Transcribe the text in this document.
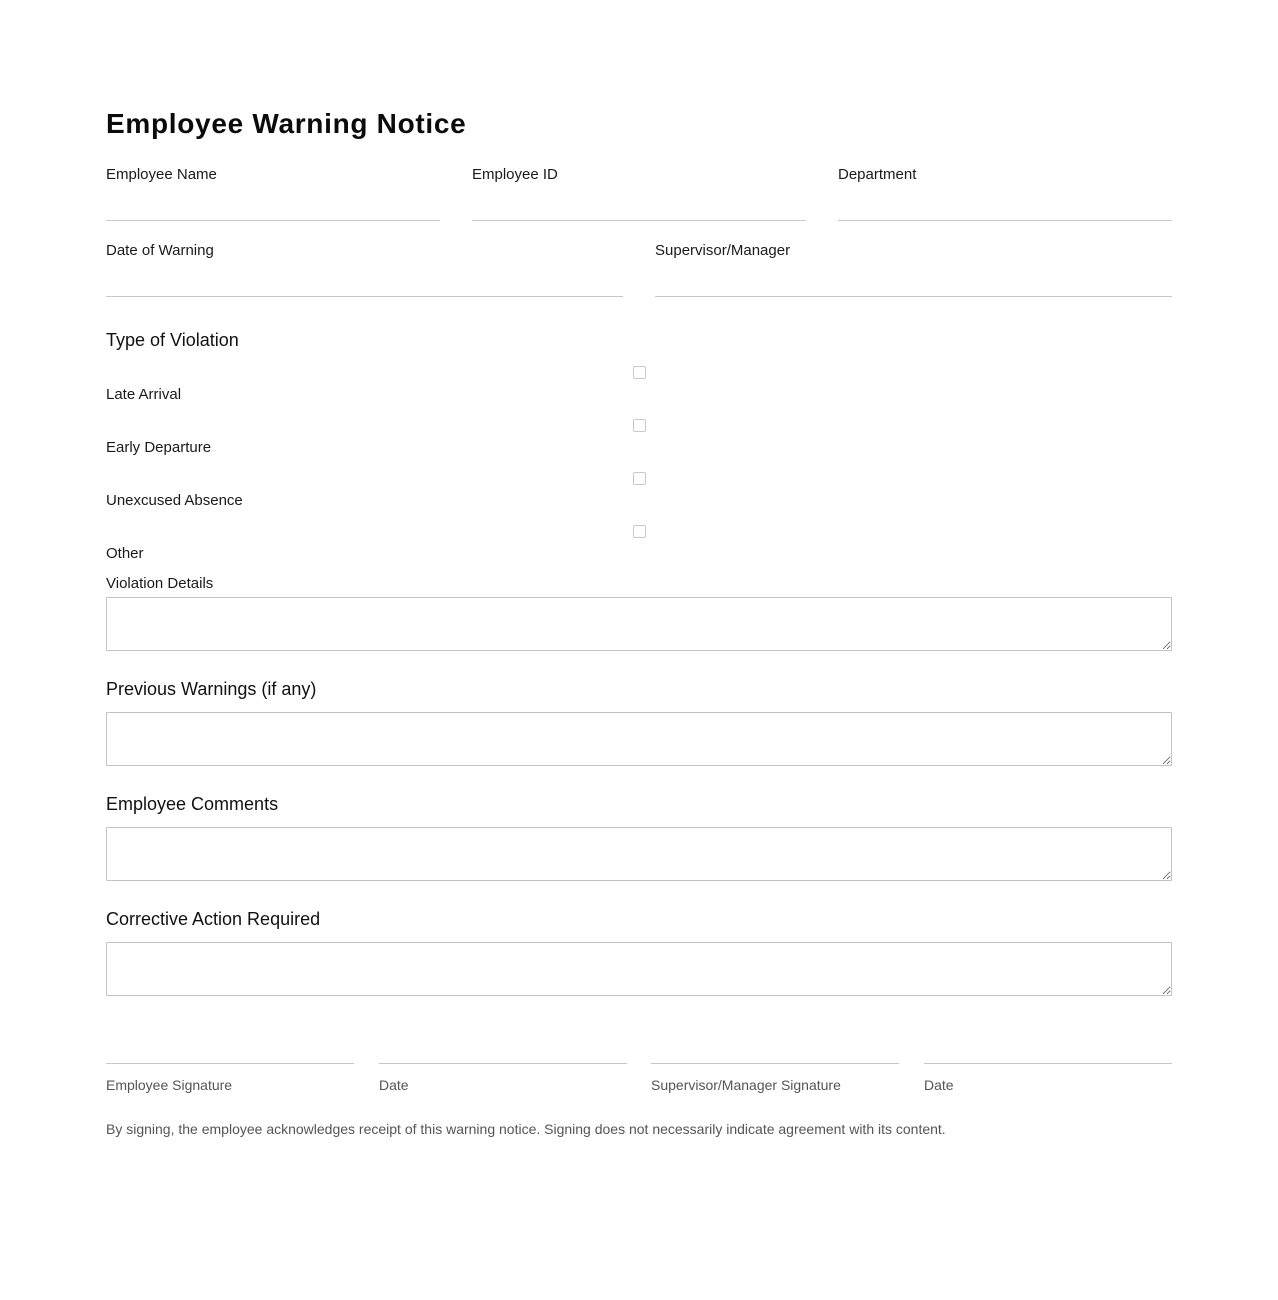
Employee Warning Notice
Employee Name	Employee ID	Department
Date of Warning	Supervisor/Manager
Type of Violation
Late Arrival
Early Departure
Unexcused Absence
Other
Violation Details
Previous Warnings (if any)
Employee Comments
Corrective Action Required
Employee Signature	Date	Supervisor/Manager Signature	Date

By signing, the employee acknowledges receipt of this warning notice. Signing does not necessarily indicate agreement with its content.
